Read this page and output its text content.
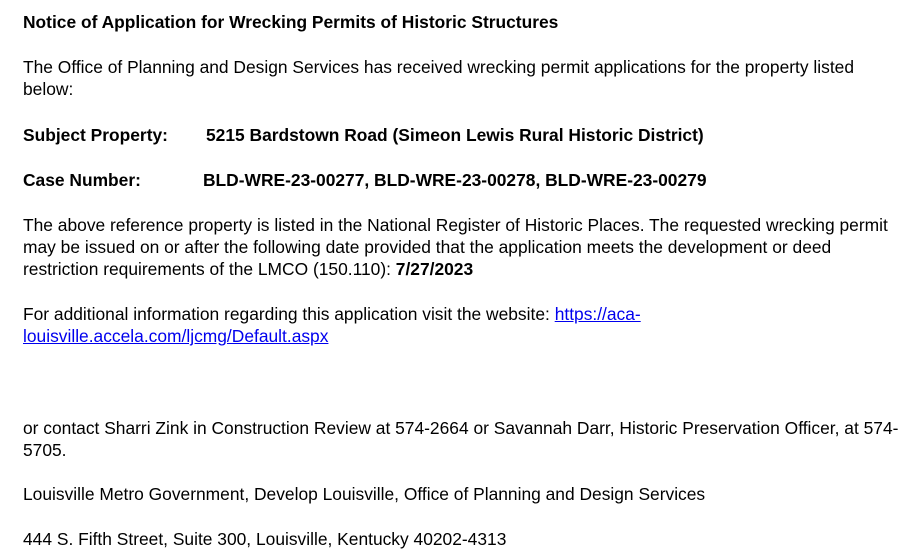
Notice of Application for Wrecking Permits of Historic Structures
The Office of Planning and Design Services has received wrecking permit applications for the property listed below:
Subject Property: 5215 Bardstown Road (Simeon Lewis Rural Historic District)
Case Number:	BLD-WRE-23-00277, BLD-WRE-23-00278, BLD-WRE-23-00279
The above reference property is listed in the National Register of Historic Places. The requested wrecking permit may be issued on or after the following date provided that the application meets the development or deed restriction requirements of the LMCO (150.110): 7/27/2023
For additional information regarding this application visit the website: https://aca-
louisville.accela.com/ljcmg/Default.aspx
or contact Sharri Zink in Construction Review at 574-2664 or Savannah Darr, Historic Preservation Officer, at 574-5705.
Louisville Metro Government, Develop Louisville, Office of Planning and Design Services
444 S. Fifth Street, Suite 300, Louisville, Kentucky 40202-4313
